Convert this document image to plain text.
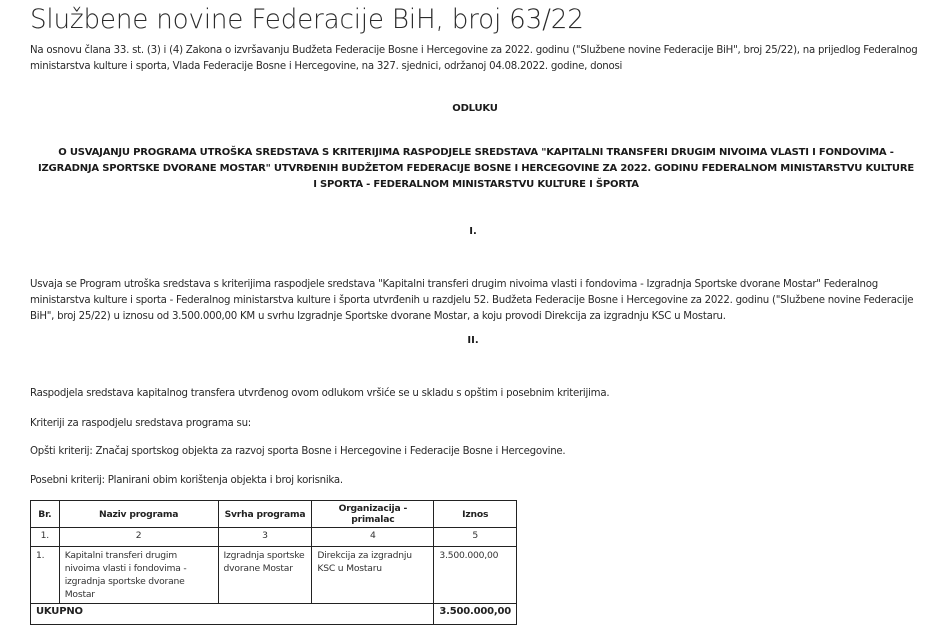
Službene novine Federacije BiH, broj 63/22

Na osnovu člana 33. st. (3) i (4) Zakona o izvršavanju Budžeta Federacije Bosne i Hercegovine za 2022. godinu ("Službene novine Federacije BiH", broj 25/22), na prijedlog Federalnog ministarstva kulture i sporta, Vlada Federacije Bosne i Hercegovine, na 327. sjednici, održanoj 04.08.2022. godine, donosi

ODLUKU

O USVAJANJU PROGRAMA UTROŠKA SREDSTAVA S KRITERIJIMA RASPODJELE SREDSTAVA "KAPITALNI TRANSFERI DRUGIM NIVOIMA VLASTI I FONDOVIMA - IZGRADNJA SPORTSKE DVORANE MOSTAR" UTVRĐENIH BUDŽETOM FEDERACIJE BOSNE I HERCEGOVINE ZA 2022. GODINU FEDERALNOM MINISTARSTVU KULTURE I SPORTA - FEDERALNOM MINISTARSTVU KULTURE I ŠPORTA

I.

Usvaja se Program utroška sredstava s kriterijima raspodjele sredstava "Kapitalni transferi drugim nivoima vlasti i fondovima - Izgradnja Sportske dvorane Mostar" Federalnog ministarstva kulture i sporta - Federalnog ministarstva kulture i športa utvrđenih u razdjelu 52. Budžeta Federacije Bosne i Hercegovine za 2022. godinu ("Službene novine Federacije BiH", broj 25/22) u iznosu od 3.500.000,00 KM u svrhu Izgradnje Sportske dvorane Mostar, a koju provodi Direkcija za izgradnju KSC u Mostaru.

II.

Raspodjela sredstava kapitalnog transfera utvrđenog ovom odlukom vršiće se u skladu s opštim i posebnim kriterijima.

Kriteriji za raspodjelu sredstava programa su:

Opšti kriterij: Značaj sportskog objekta za razvoj sporta Bosne i Hercegovine i Federacije Bosne i Hercegovine.

Posebni kriterij: Planirani obim korištenja objekta i broj korisnika.

Br.	Naziv programa	Svrha programa	Organizacija - primalac	Iznos
1.	2	3	4	5
1.	Kapitalni transferi drugim nivoima vlasti i fondovima -izgradnja sportske dvorane Mostar	Izgradnja sportske dvorane Mostar	Direkcija za izgradnju KSC u Mostaru	3.500.000,00
UKUPNO				3.500.000,00
